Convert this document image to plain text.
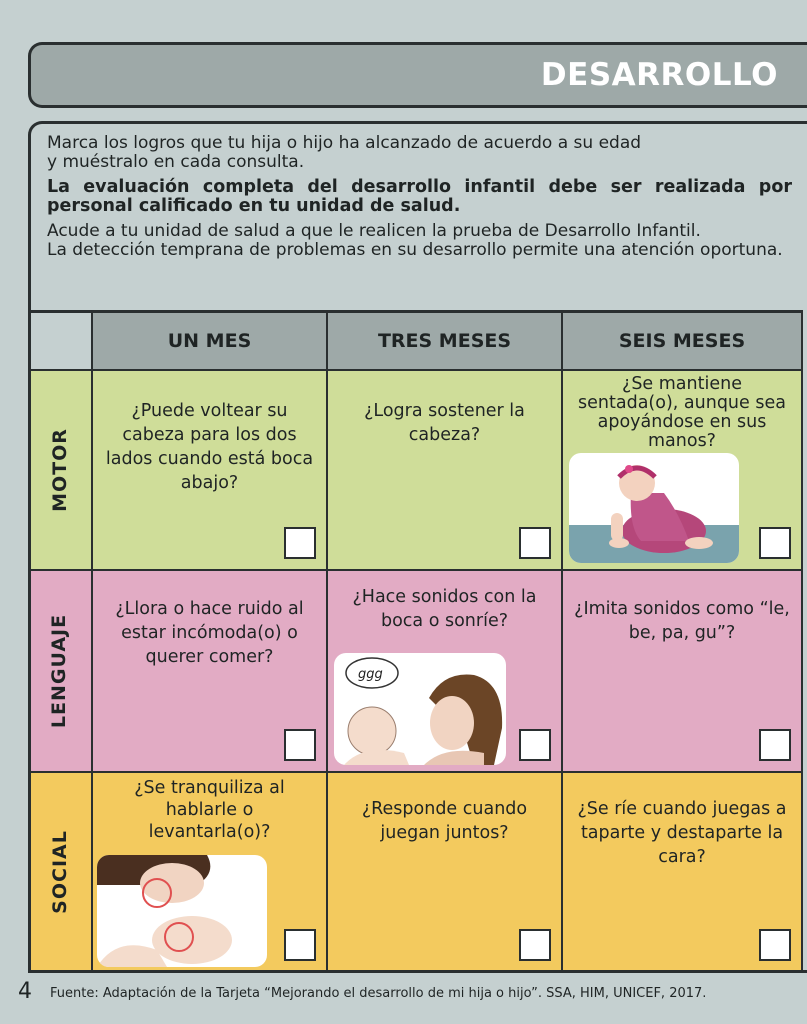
DESARROLLO

Marca los logros que tu hija o hijo ha alcanzado de acuerdo a su edad
y muéstralo en cada consulta.

La evaluación completa del desarrollo infantil debe ser realizada por personal calificado en tu unidad de salud.

Acude a tu unidad de salud a que le realicen la prueba de Desarrollo Infantil.
La detección temprana de problemas en su desarrollo permite una atención oportuna.

UN MES	TRES MESES	SEIS MESES
MOTOR
¿Puede voltear su cabeza para los dos lados cuando está boca abajo?
¿Logra sostener la cabeza?
¿Se mantiene sentada(o), aunque sea apoyándose en sus manos?
LENGUAJE
¿Llora o hace ruido al estar incómoda(o) o querer comer?
¿Hace sonidos con la boca o sonríe?
ggg
¿Imita sonidos como “le, be, pa, gu”?
SOCIAL
¿Se tranquiliza al hablarle o levantarla(o)?
¿Responde cuando juegan juntos?
¿Se ríe cuando juegas a taparte y destaparte la cara?
4 Fuente: Adaptación de la Tarjeta “Mejorando el desarrollo de mi hija o hijo”. SSA, HIM, UNICEF, 2017.
